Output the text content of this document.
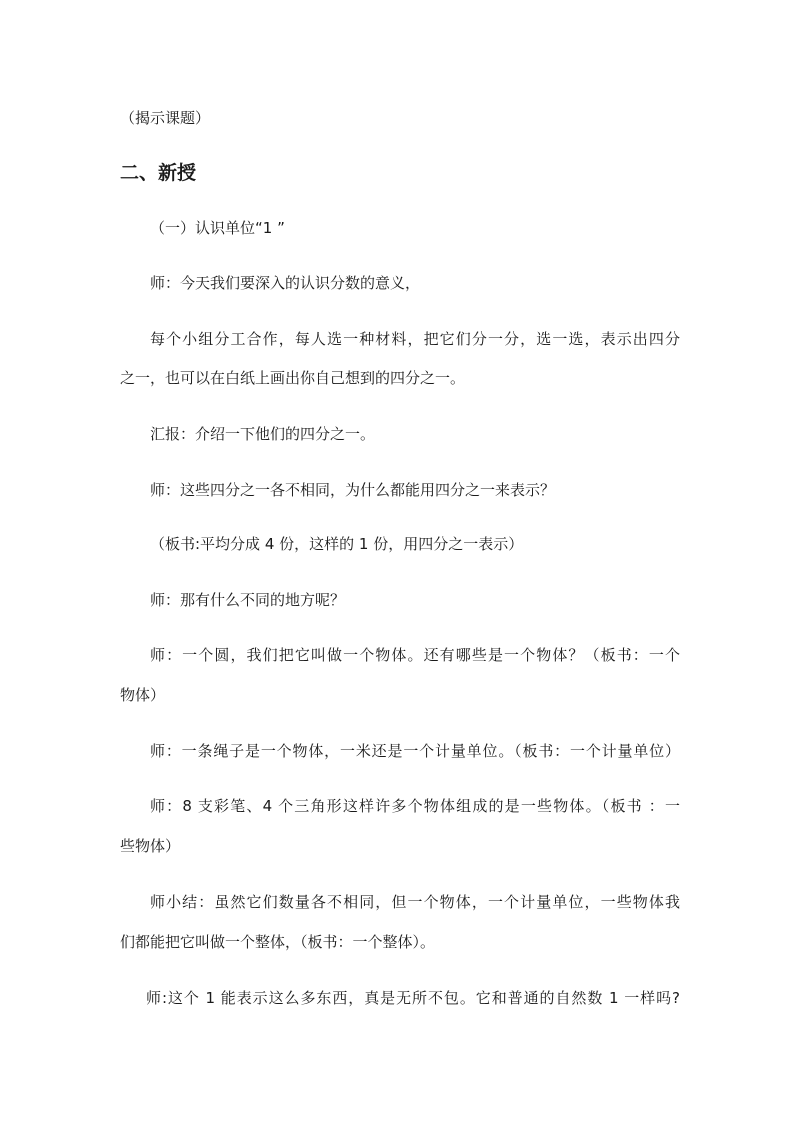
（揭示课题）
二、新授
（一）认识单位“1 ”
师：今天我们要深入的认识分数的意义，
每个小组分工合作，每人选一种材料，把它们分一分，选一选，表示出四分
之一，也可以在白纸上画出你自己想到的四分之一。
汇报：介绍一下他们的四分之一。
师：这些四分之一各不相同，为什么都能用四分之一来表示？
（板书:平均分成 4 份，这样的 1 份，用四分之一表示）
师：那有什么不同的地方呢？
师：一个圆，我们把它叫做一个物体。还有哪些是一个物体？（板书：一个
物体）
师：一条绳子是一个物体，一米还是一个计量单位。（板书：一个计量单位）
师：8 支彩笔、4 个三角形这样许多个物体组成的是一些物体。（板书 ：一
些物体）
师小结：虽然它们数量各不相同，但一个物体，一个计量单位，一些物体我
们都能把它叫做一个整体，（板书：一个整体）。
师:这个 1 能表示这么多东西，真是无所不包。它和普通的自然数 1 一样吗?
